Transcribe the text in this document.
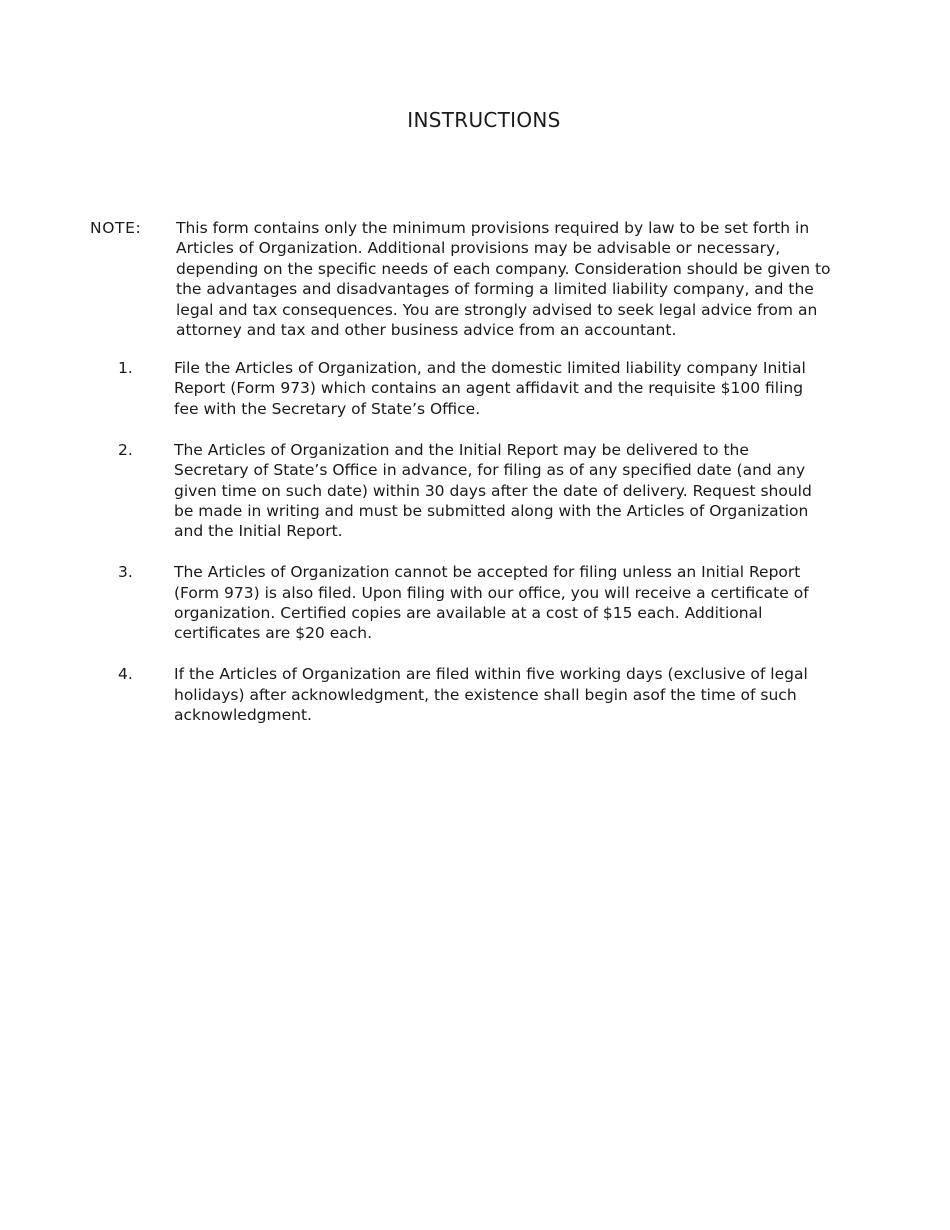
INSTRUCTIONS
NOTE: This form contains only the minimum provisions required by law to be set forth in Articles of Organization. Additional provisions may be advisable or necessary, depending on the specific needs of each company. Consideration should be given to the advantages and disadvantages of forming a limited liability company, and the legal and tax consequences. You are strongly advised to seek legal advice from an attorney and tax and other business advice from an accountant.
1.	File the Articles of Organization, and the domestic limited liability company Initial Report (Form 973) which contains an agent affidavit and the requisite $100 filing fee with the Secretary of State’s Office.
2.	The Articles of Organization and the Initial Report may be delivered to the Secretary of State’s Office in advance, for filing as of any specified date (and any given time on such date) within 30 days after the date of delivery. Request should be made in writing and must be submitted along with the Articles of Organization and the Initial Report.
3.	The Articles of Organization cannot be accepted for filing unless an Initial Report (Form 973) is also filed. Upon filing with our office, you will receive a certificate of organization. Certified copies are available at a cost of $15 each. Additional certificates are $20 each.
4.	If the Articles of Organization are filed within five working days (exclusive of legal holidays) after acknowledgment, the existence shall begin asof the time of such acknowledgment.
